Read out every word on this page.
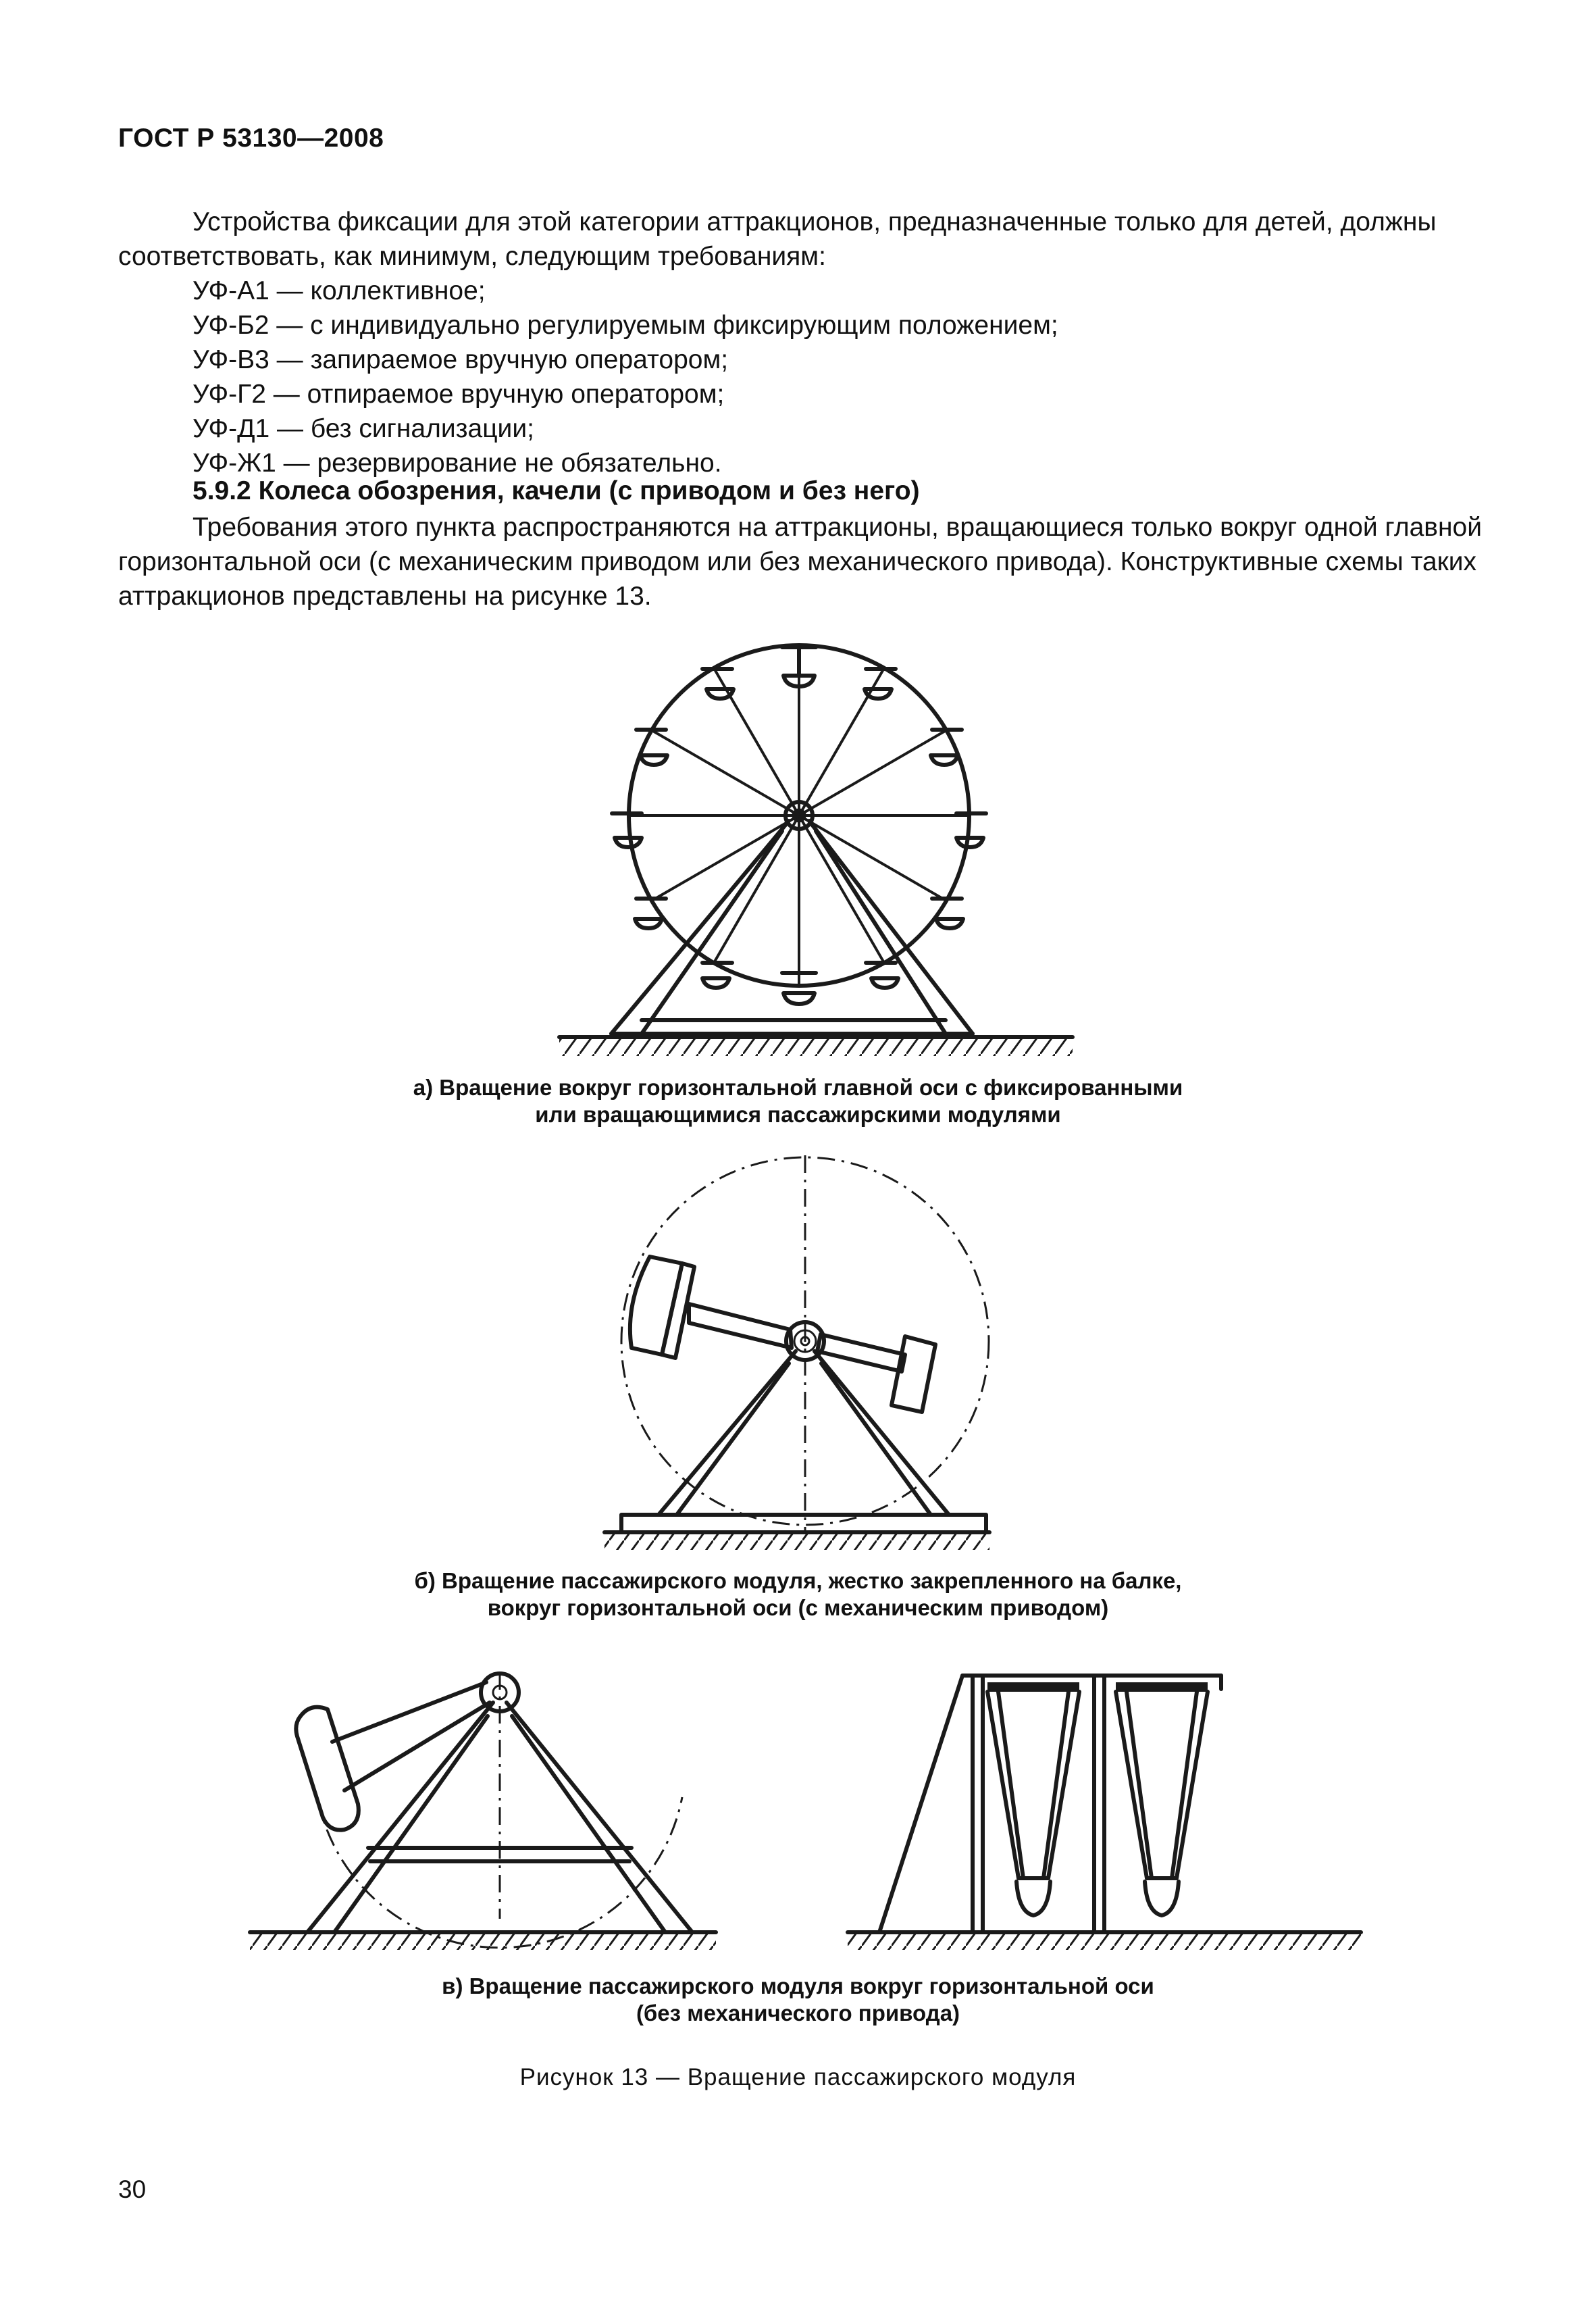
ГОСТ Р 53130—2008
Устройства фиксации для этой категории аттракционов, предназначенные только для детей, должны соответствовать, как минимум, следующим требованиям:
УФ-А1 — коллективное;
УФ-Б2 — с индивидуально регулируемым фиксирующим положением;
УФ-В3 — запираемое вручную оператором;
УФ-Г2 — отпираемое вручную оператором;
УФ-Д1 — без сигнализации;
УФ-Ж1 — резервирование не обязательно.
5.9.2 Колеса обозрения, качели (с приводом и без него)
Требования этого пункта распространяются на аттракционы, вращающиеся только вокруг одной главной горизонтальной оси (с механическим приводом или без механического привода). Конструктивные схемы таких аттракционов представлены на рисунке 13.
а) Вращение вокруг горизонтальной главной оси с фиксированными
или вращающимися пассажирскими модулями
б) Вращение пассажирского модуля, жестко закрепленного на балке,
вокруг горизонтальной оси (с механическим приводом)
в) Вращение пассажирского модуля вокруг горизонтальной оси
(без механического привода)
Рисунок 13 — Вращение пассажирского модуля
30
